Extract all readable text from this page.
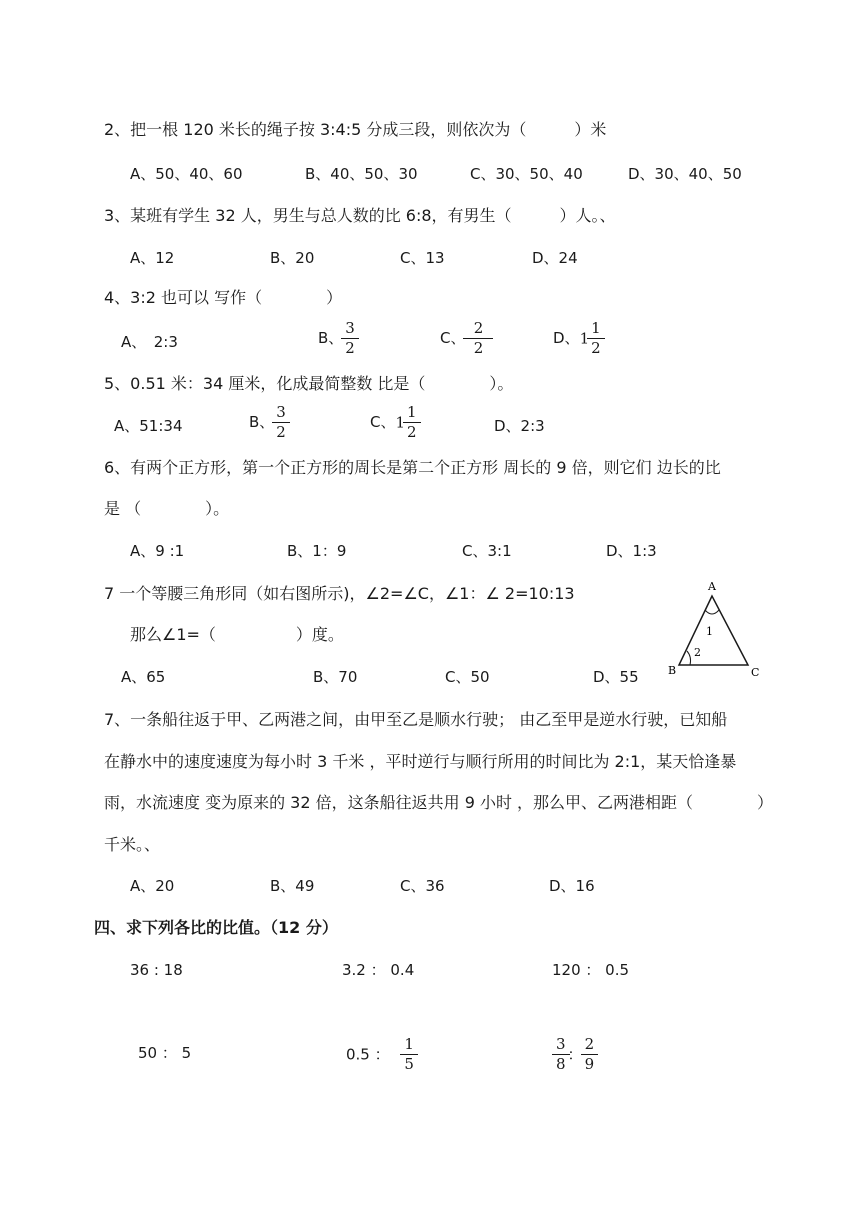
2、把一根 120 米长的绳子按 3:4:5 分成三段，则依次为（　　　）米
A、50、40、60	B、40、50、30	C、30、50、40	D、30、40、50
3、某班有学生 32 人，男生与总人数的比 6:8，有男生（　　　）人。、
A、12	B、20	C、13	D、24
4、3:2 也可以 写作（　　　　）
A、　2:3	B、 $\frac{3}{2}$	C、 $\frac{2}{2}$	D、$1 \frac{1}{2}$
5、0.51 米：34 厘米，化成最简整数 比是（　　　　）。
A、51:34	B、 $\frac{3}{2}$	C、$1 \frac{1}{2}$	D、2:3
6、有两个正方形，第一个正方形的周长是第二个正方形 周长的 9 倍，则它们 边长的比
是 （　　　　）。
A、9 :1	B、1：9	C、3:1	D、1:3
7 一个等腰三角形同（如右图所示)，∠2=∠C，∠1：∠ 2=10:13
那么∠1=（　　　　　）度。
A、65	B、70	C、50	D、55
A
B	C
1
2
7、一条船往返于甲、乙两港之间，由甲至乙是顺水行驶； 由乙至甲是逆水行驶，已知船
在静水中的速度速度为每小时 3 千米 ，平时逆行与顺行所用的时间比为 2:1，某天恰逢暴
雨，水流速度 变为原来的 32 倍，这条船往返共用 9 小时 ，那么甲、乙两港相距（　　　　）
千米。、
A、20	B、49	C、36	D、16
四、求下列各比的比值。（12 分）
36 : 18	3.2 ： 0.4	120 ： 0.5
50 ： 5	0.5 ： $\frac{1}{5}$	$\frac{3}{8}$ ： $\frac{2}{9}$
